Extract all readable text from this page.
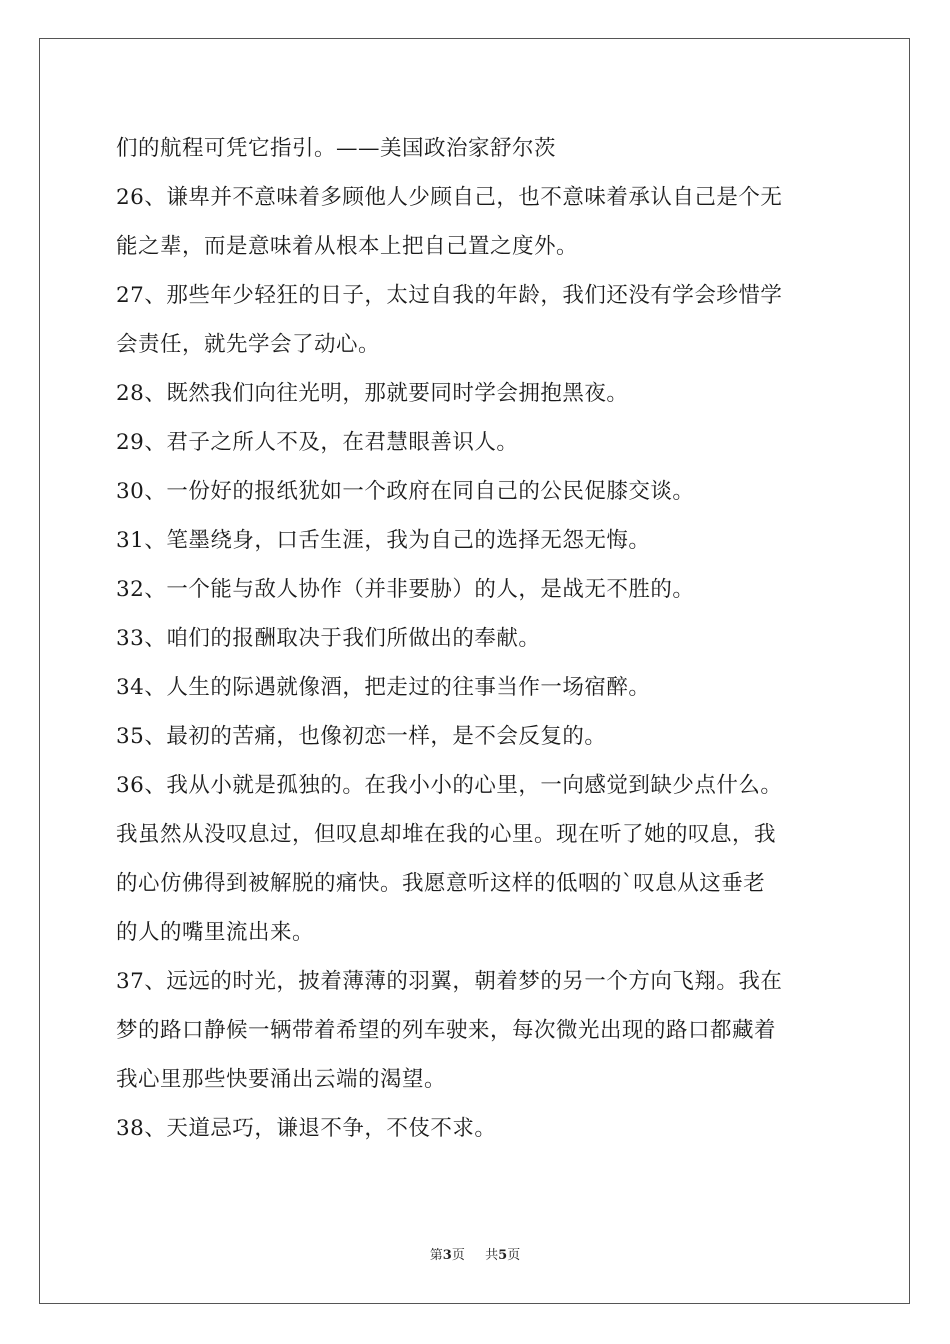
们的航程可凭它指引。——美国政治家舒尔茨
26、谦卑并不意味着多顾他人少顾自己，也不意味着承认自己是个无
能之辈，而是意味着从根本上把自己置之度外。
27、那些年少轻狂的日子，太过自我的年龄，我们还没有学会珍惜学
会责任，就先学会了动心。
28、既然我们向往光明，那就要同时学会拥抱黑夜。
29、君子之所人不及，在君慧眼善识人。
30、一份好的报纸犹如一个政府在同自己的公民促膝交谈。
31、笔墨绕身，口舌生涯，我为自己的选择无怨无悔。
32、一个能与敌人协作（并非要胁）的人，是战无不胜的。
33、咱们的报酬取决于我们所做出的奉献。
34、人生的际遇就像酒，把走过的往事当作一场宿醉。
35、最初的苦痛，也像初恋一样，是不会反复的。
36、我从小就是孤独的。在我小小的心里，一向感觉到缺少点什么。
我虽然从没叹息过，但叹息却堆在我的心里。现在听了她的叹息，我
的心仿佛得到被解脱的痛快。我愿意听这样的低咽的`叹息从这垂老
的人的嘴里流出来。
37、远远的时光，披着薄薄的羽翼，朝着梦的另一个方向飞翔。我在
梦的路口静候一辆带着希望的列车驶来，每次微光出现的路口都藏着
我心里那些快要涌出云端的渴望。
38、天道忌巧，谦退不争，不伎不求。
第3页 共5页
